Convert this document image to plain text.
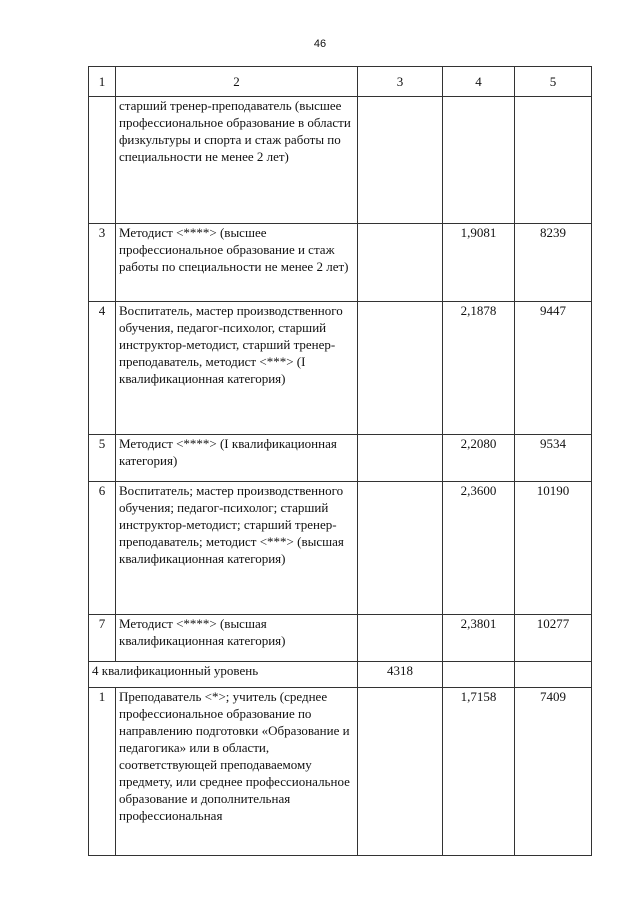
46
1	2	3	4	5
	старший тренер-преподаватель (высшее профессиональное образование в области физкультуры и спорта и стаж работы по специальности не менее 2 лет)			
3	Методист <****> (высшее профессиональное образование и стаж работы по специальности не менее 2 лет)		1,9081	8239
4	Воспитатель, мастер производственного обучения, педагог-психолог, старший инструктор-методист, старший тренер-преподаватель, методист <***> (I квалификационная категория)		2,1878	9447
5	Методист <****> (I квалификационная категория)		2,2080	9534
6	Воспитатель; мастер производственного обучения; педагог-психолог; старший инструктор-методист; старший тренер-преподаватель; методист <***> (высшая квалификационная категория)		2,3600	10190
7	Методист <****> (высшая квалификационная категория)		2,3801	10277
4 квалификационный уровень		4318		
1	Преподаватель <*>; учитель (среднее профессиональное образование по направлению подготовки «Образование и педагогика» или в области, соответствующей преподаваемому предмету, или среднее профессиональное образование и дополнительная профессиональная		1,7158	7409
